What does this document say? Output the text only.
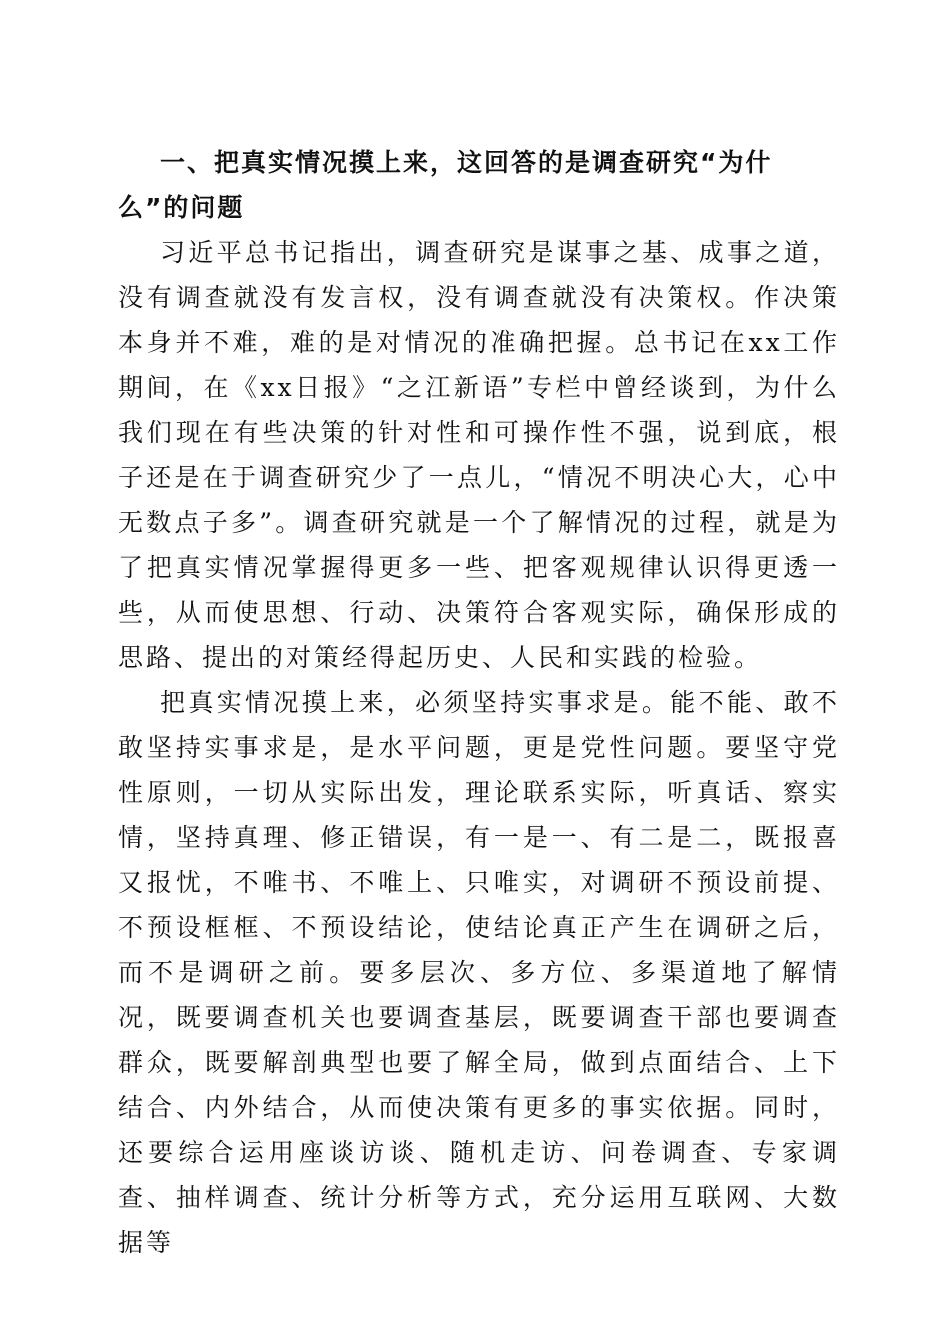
一、把真实情况摸上来，这回答的是调查研究“为什么”的问题

习近平总书记指出，调查研究是谋事之基、成事之道，没有调查就没有发言权，没有调查就没有决策权。作决策本身并不难，难的是对情况的准确把握。总书记在xx工作期间，在《xx日报》“之江新语”专栏中曾经谈到，为什么我们现在有些决策的针对性和可操作性不强，说到底，根子还是在于调查研究少了一点儿，“情况不明决心大，心中无数点子多”。调查研究就是一个了解情况的过程，就是为了把真实情况掌握得更多一些、把客观规律认识得更透一些，从而使思想、行动、决策符合客观实际，确保形成的思路、提出的对策经得起历史、人民和实践的检验。

把真实情况摸上来，必须坚持实事求是。能不能、敢不敢坚持实事求是，是水平问题，更是党性问题。要坚守党性原则，一切从实际出发，理论联系实际，听真话、察实情，坚持真理、修正错误，有一是一、有二是二，既报喜又报忧，不唯书、不唯上、只唯实，对调研不预设前提、不预设框框、不预设结论，使结论真正产生在调研之后，而不是调研之前。要多层次、多方位、多渠道地了解情况，既要调查机关也要调查基层，既要调查干部也要调查群众，既要解剖典型也要了解全局，做到点面结合、上下结合、内外结合，从而使决策有更多的事实依据。同时，还要综合运用座谈访谈、随机走访、问卷调查、专家调查、抽样调查、统计分析等方式，充分运用互联网、大数据等
